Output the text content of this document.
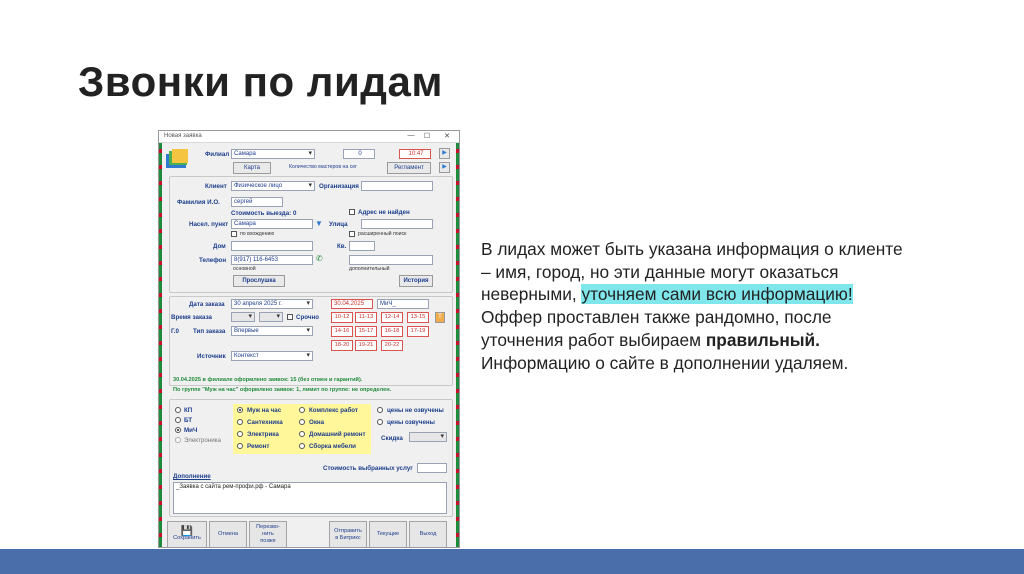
Звонки по лидам
Новая заявка	—	☐	✕
Филиал Самара ▾	0	10:47	▶
Карта	Количество мастеров на сег	Регламент	▶
Клиент	Физическое лицо ▾	Организация
Фамилия И.О.	сергей
Стоимость выезда: 0	Адрес не найден
Насел. пункт Самара	▼ Улица
по вхождению	расширенный поиск
Дом	Кв.
Телефон	8(917) 116-6453	✆
основной	дополнительный
Прослушка	История
Дата заказа	30 апреля 2025 г. ▾	30.04.2025	МиЧ_
Время заказа ▾ ▾	Срочно
Г.0 Тип заказа	Впервые ▾
Источник	Контекст ▾
10-12	11-13	12-14	13-15	Т
14-16	15-17	16-18	17-19
18-20	19-21	20-22
30.04.2025 в филиале оформлено заявок: 15 (без отмен и гарантий).
По группе "Муж на час" оформлено заявок: 1, лимит по группе: не определен.
КП
БТ
МиЧ
Электроника
Муж на час
Сантехника
Электрика
Ремонт
Комплекс работ
Окна
Домашний ремонт
Сборка мебели
цены не озвучены
цены озвучены
Скидка
▾
Стоимость выбранных услуг
Дополнение
_Заявка с сайта рем-профи.рф - Самара
💾
Сохранить
Отмена
Перезво-
нить
позже
Отправить
в Битрикс
Текущие	Выход

В лидах может быть указана информация о клиенте – имя, город, но эти данные могут оказаться неверными, уточняем сами всю информацию!

Оффер проставлен также рандомно, после уточнения работ выбираем правильный.

Информацию о сайте в дополнении удаляем.
